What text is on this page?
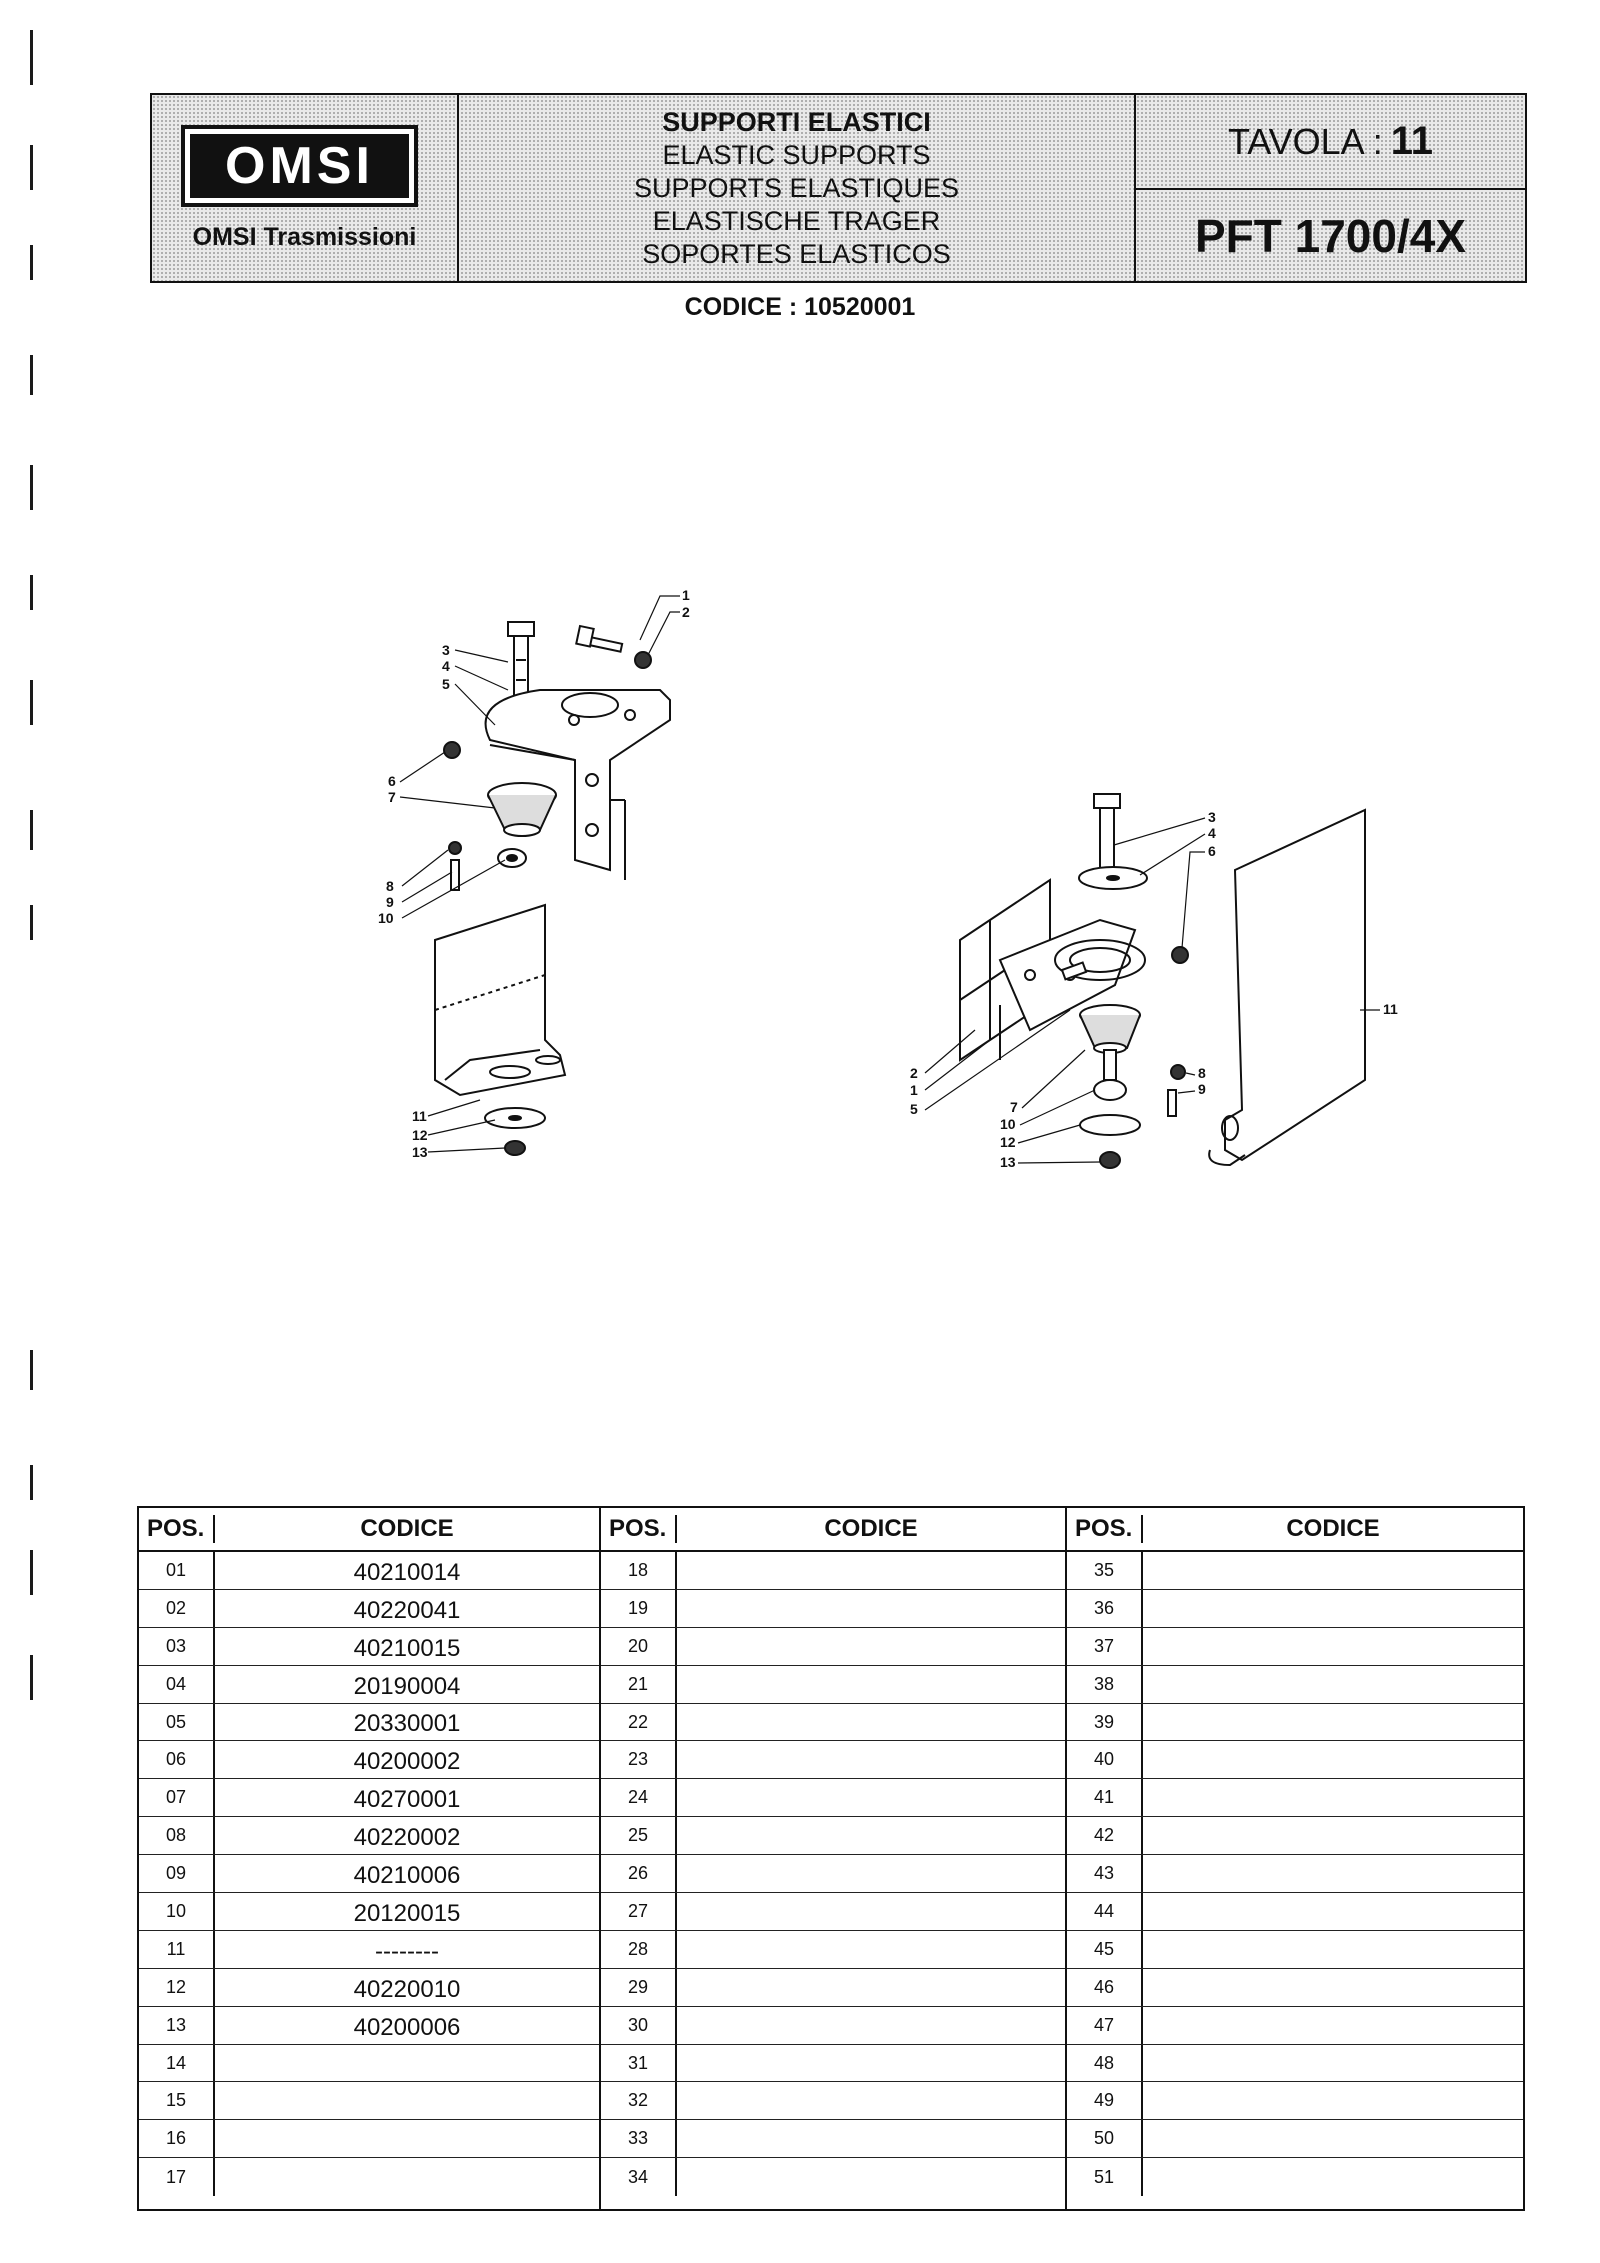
OMSI
OMSI Trasmissioni
SUPPORTI ELASTICI
ELASTIC SUPPORTS
SUPPORTS ELASTIQUES
ELASTISCHE TRAGER
SOPORTES ELASTICOS
TAVOLA : 11
PFT 1700/4X
CODICE : 10520001
1
2
3
4
5
6
7
8
9
10
11
12
13
3
4
6
11
8
9
2
1
5	7
10
12
13
POS.	CODICE
01	40210014
02	40220041
03	40210015
04	20190004
05	20330001
06	40200002
07	40270001
08	40220002
09	40210006
10	20120015
11	--------
12	40220010
13	40200006
14
15
16
17
POS.	CODICE
18
19
20
21
22
23
24
25
26
27
28
29
30
31
32
33
34
POS.	CODICE
35
36
37
38
39
40
41
42
43
44
45
46
47
48
49
50
51
